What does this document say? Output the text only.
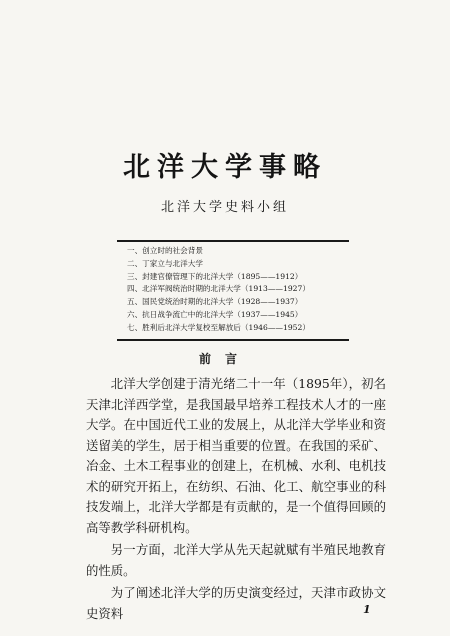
北洋大学事略
北洋大学史料小组
一、创立时的社会背景
二、丁家立与北洋大学
三、封建官僚管理下的北洋大学（1895——1912）
四、北洋军阀统治时期的北洋大学（1913——1927）
五、国民党统治时期的北洋大学（1928——1937）
六、抗日战争流亡中的北洋大学（1937——1945）
七、胜利后北洋大学复校至解放后（1946——1952）
前言

北洋大学创建于清光绪二十一年（1895年），初名天津北洋西学堂，是我国最早培养工程技术人才的一座大学。在中国近代工业的发展上，从北洋大学毕业和资送留美的学生，居于相当重要的位置。在我国的采矿、冶金、土木工程事业的创建上，在机械、水利、电机技术的研究开拓上，在纺织、石油、化工、航空事业的科技发端上，北洋大学都是有贡献的，是一个值得回顾的高等教学科研机构。

另一方面，北洋大学从先天起就赋有半殖民地教育的性质。

为了阐述北洋大学的历史演变经过，天津市政协文史资料	1
